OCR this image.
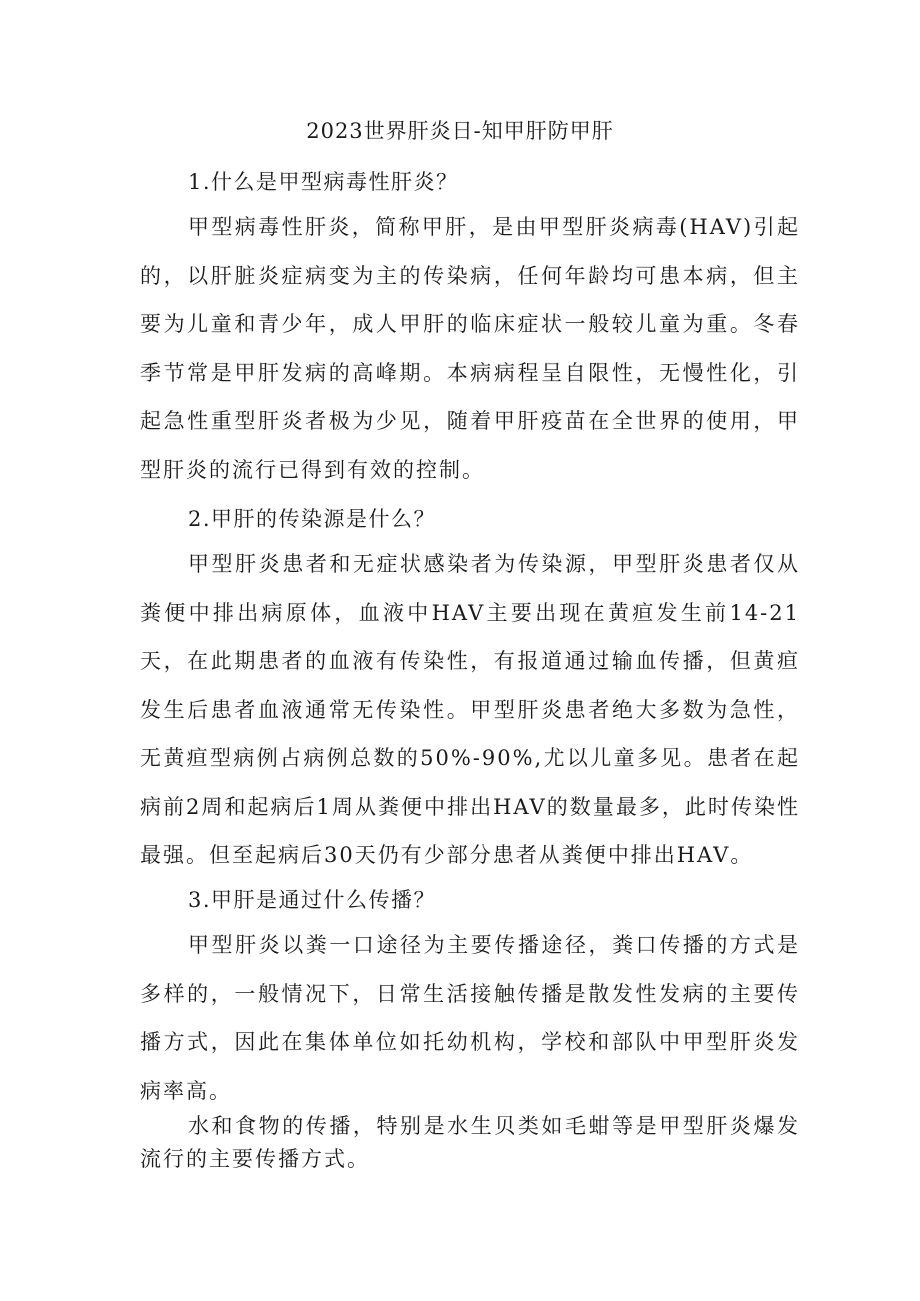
2023世界肝炎日-知甲肝防甲肝
1.什么是甲型病毒性肝炎？
甲型病毒性肝炎，简称甲肝，是由甲型肝炎病毒(HAV)引起的，以肝脏炎症病变为主的传染病，任何年龄均可患本病，但主要为儿童和青少年，成人甲肝的临床症状一般较儿童为重。冬春季节常是甲肝发病的高峰期。本病病程呈自限性，无慢性化，引起急性重型肝炎者极为少见，随着甲肝疫苗在全世界的使用，甲型肝炎的流行已得到有效的控制。
2.甲肝的传染源是什么？
甲型肝炎患者和无症状感染者为传染源，甲型肝炎患者仅从粪便中排出病原体，血液中HAV主要出现在黄疸发生前14-21天，在此期患者的血液有传染性，有报道通过输血传播，但黄疸发生后患者血液通常无传染性。甲型肝炎患者绝大多数为急性，无黄疸型病例占病例总数的50%-90%,尤以儿童多见。患者在起病前2周和起病后1周从粪便中排出HAV的数量最多，此时传染性最强。但至起病后30天仍有少部分患者从粪便中排出HAV。
3.甲肝是通过什么传播？
甲型肝炎以粪一口途径为主要传播途径，粪口传播的方式是多样的，一般情况下，日常生活接触传播是散发性发病的主要传播方式，因此在集体单位如托幼机构，学校和部队中甲型肝炎发病率高。
水和食物的传播，特别是水生贝类如毛蚶等是甲型肝炎爆发流行的主要传播方式。
